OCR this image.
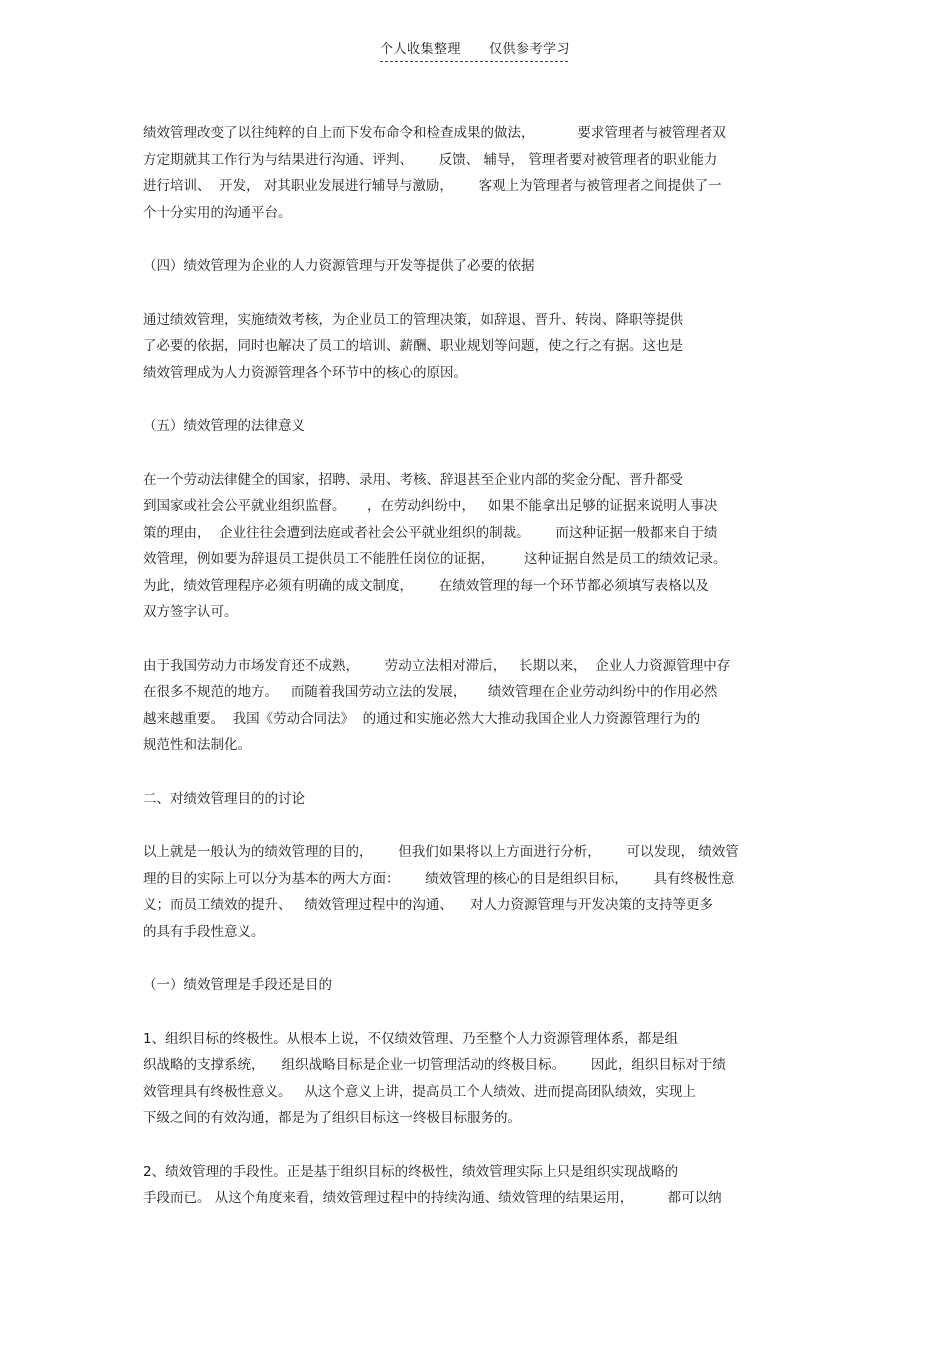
个人收集整理 仅供参考学习
绩效管理改变了以往纯粹的自上而下发布命令和检查成果的做法，          要求管理者与被管理者双
方定期就其工作行为与结果进行沟通、评判、      反馈、 辅导， 管理者要对被管理者的职业能力
进行培训、  开发， 对其职业发展进行辅导与激励，      客观上为管理者与被管理者之间提供了一
个十分实用的沟通平台。
（四）绩效管理为企业的人力资源管理与开发等提供了必要的依据
通过绩效管理，实施绩效考核，为企业员工的管理决策，如辞退、晋升、转岗、降职等提供
了必要的依据，同时也解决了员工的培训、薪酬、职业规划等问题，使之行之有据。这也是
绩效管理成为人力资源管理各个环节中的核心的原因。
（五）绩效管理的法律意义
在一个劳动法律健全的国家，招聘、录用、考核、辞退甚至企业内部的奖金分配、晋升都受
到国家或社会公平就业组织监督。     ，在劳动纠纷中，   如果不能拿出足够的证据来说明人事决
策的理由，  企业往往会遭到法庭或者社会公平就业组织的制裁。      而这种证据一般都来自于绩
效管理，例如要为辞退员工提供员工不能胜任岗位的证据，       这种证据自然是员工的绩效记录。
为此，绩效管理程序必须有明确的成文制度，      在绩效管理的每一个环节都必须填写表格以及
双方签字认可。
由于我国劳动力市场发育还不成熟，      劳动立法相对滞后，   长期以来，  企业人力资源管理中存
在很多不规范的地方。   而随着我国劳动立法的发展，     绩效管理在企业劳动纠纷中的作用必然
越来越重要。  我国《劳动合同法》  的通过和实施必然大大推动我国企业人力资源管理行为的
规范性和法制化。
二、对绩效管理目的的讨论
以上就是一般认为的绩效管理的目的，      但我们如果将以上方面进行分析，      可以发现， 绩效管
理的目的实际上可以分为基本的两大方面：      绩效管理的核心的目是组织目标，      具有终极性意
义；而员工绩效的提升、   绩效管理过程中的沟通、    对人力资源管理与开发决策的支持等更多
的具有手段性意义。
（一）绩效管理是手段还是目的
1、组织目标的终极性。从根本上说，不仅绩效管理、乃至整个人力资源管理体系，都是组
织战略的支撑系统，    组织战略目标是企业一切管理活动的终极目标。      因此，组织目标对于绩
效管理具有终极性意义。   从这个意义上讲，提高员工个人绩效、进而提高团队绩效，实现上
下级之间的有效沟通，都是为了组织目标这一终极目标服务的。
2、绩效管理的手段性。正是基于组织目标的终极性，绩效管理实际上只是组织实现战略的
手段而已。 从这个角度来看，绩效管理过程中的持续沟通、绩效管理的结果运用，        都可以纳
